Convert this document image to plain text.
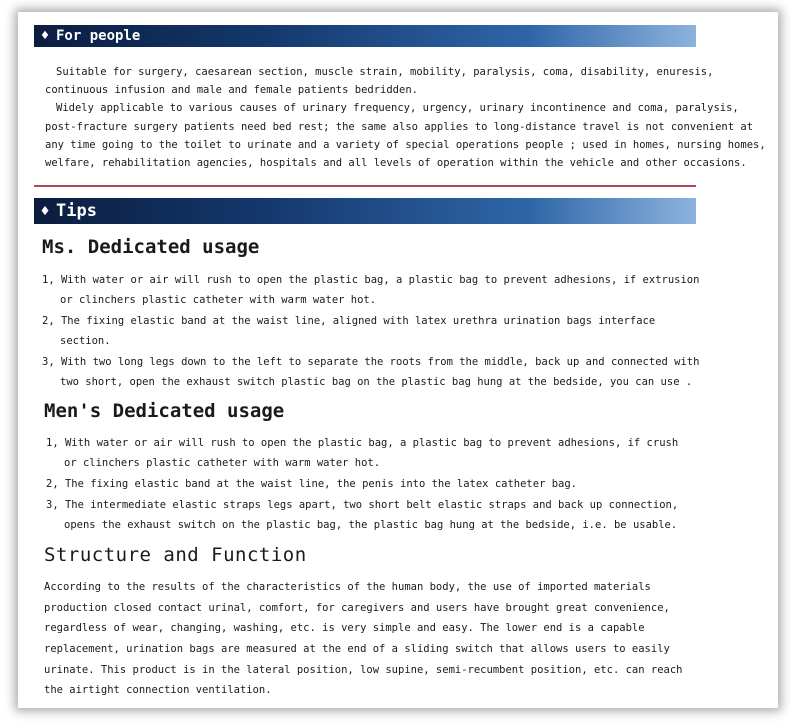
♦ For people

Suitable for surgery, caesarean section, muscle strain, mobility, paralysis, coma, disability, enuresis,

continuous infusion and male and female patients bedridden.

Widely applicable to various causes of urinary frequency, urgency, urinary incontinence and coma, paralysis,

post-fracture surgery patients need bed rest; the same also applies to long-distance travel is not convenient at

any time going to the toilet to urinate and a variety of special operations people ; used in homes, nursing homes,

welfare, rehabilitation agencies, hospitals and all levels of operation within the vehicle and other occasions.

♦ Tips
Ms. Dedicated usage

1, With water or air will rush to open the plastic bag, a plastic bag to prevent adhesions, if extrusion

or clinchers plastic catheter with warm water hot.

2, The fixing elastic band at the waist line, aligned with latex urethra urination bags interface

section.

3, With two long legs down to the left to separate the roots from the middle, back up and connected with

two short, open the exhaust switch plastic bag on the plastic bag hung at the bedside, you can use .

Men's Dedicated usage

1, With water or air will rush to open the plastic bag, a plastic bag to prevent adhesions, if crush

or clinchers plastic catheter with warm water hot.

2, The fixing elastic band at the waist line, the penis into the latex catheter bag.

3, The intermediate elastic straps legs apart, two short belt elastic straps and back up connection,

opens the exhaust switch on the plastic bag, the plastic bag hung at the bedside, i.e. be usable.

Structure and Function

According to the results of the characteristics of the human body, the use of imported materials

production closed contact urinal, comfort, for caregivers and users have brought great convenience,

regardless of wear, changing, washing, etc. is very simple and easy. The lower end is a capable

replacement, urination bags are measured at the end of a sliding switch that allows users to easily

urinate. This product is in the lateral position, low supine, semi-recumbent position, etc. can reach

the airtight connection ventilation.
